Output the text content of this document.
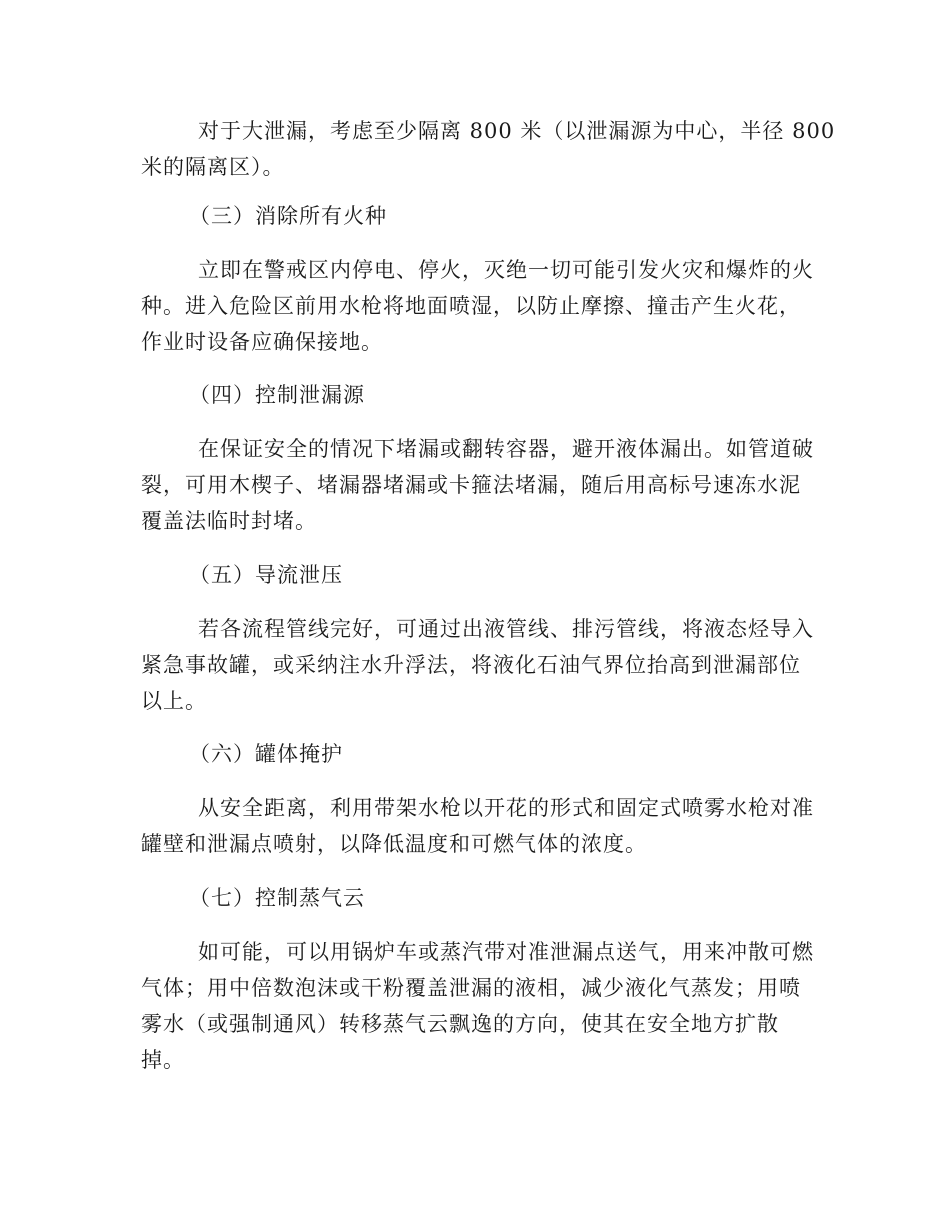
对于大泄漏，考虑至少隔离 800 米（以泄漏源为中心，半径 800
米的隔离区）。
（三）消除所有火种
立即在警戒区内停电、停火，灭绝一切可能引发火灾和爆炸的火
种。进入危险区前用水枪将地面喷湿，以防止摩擦、撞击产生火花，
作业时设备应确保接地。
（四）控制泄漏源
在保证安全的情况下堵漏或翻转容器，避开液体漏出。如管道破
裂，可用木楔子、堵漏器堵漏或卡箍法堵漏，随后用高标号速冻水泥
覆盖法临时封堵。
（五）导流泄压
若各流程管线完好，可通过出液管线、排污管线，将液态烃导入
紧急事故罐，或采纳注水升浮法，将液化石油气界位抬高到泄漏部位
以上。
（六）罐体掩护
从安全距离，利用带架水枪以开花的形式和固定式喷雾水枪对准
罐壁和泄漏点喷射，以降低温度和可燃气体的浓度。
（七）控制蒸气云
如可能，可以用锅炉车或蒸汽带对准泄漏点送气，用来冲散可燃
气体；用中倍数泡沫或干粉覆盖泄漏的液相，减少液化气蒸发；用喷
雾水（或强制通风）转移蒸气云飘逸的方向，使其在安全地方扩散
掉。
